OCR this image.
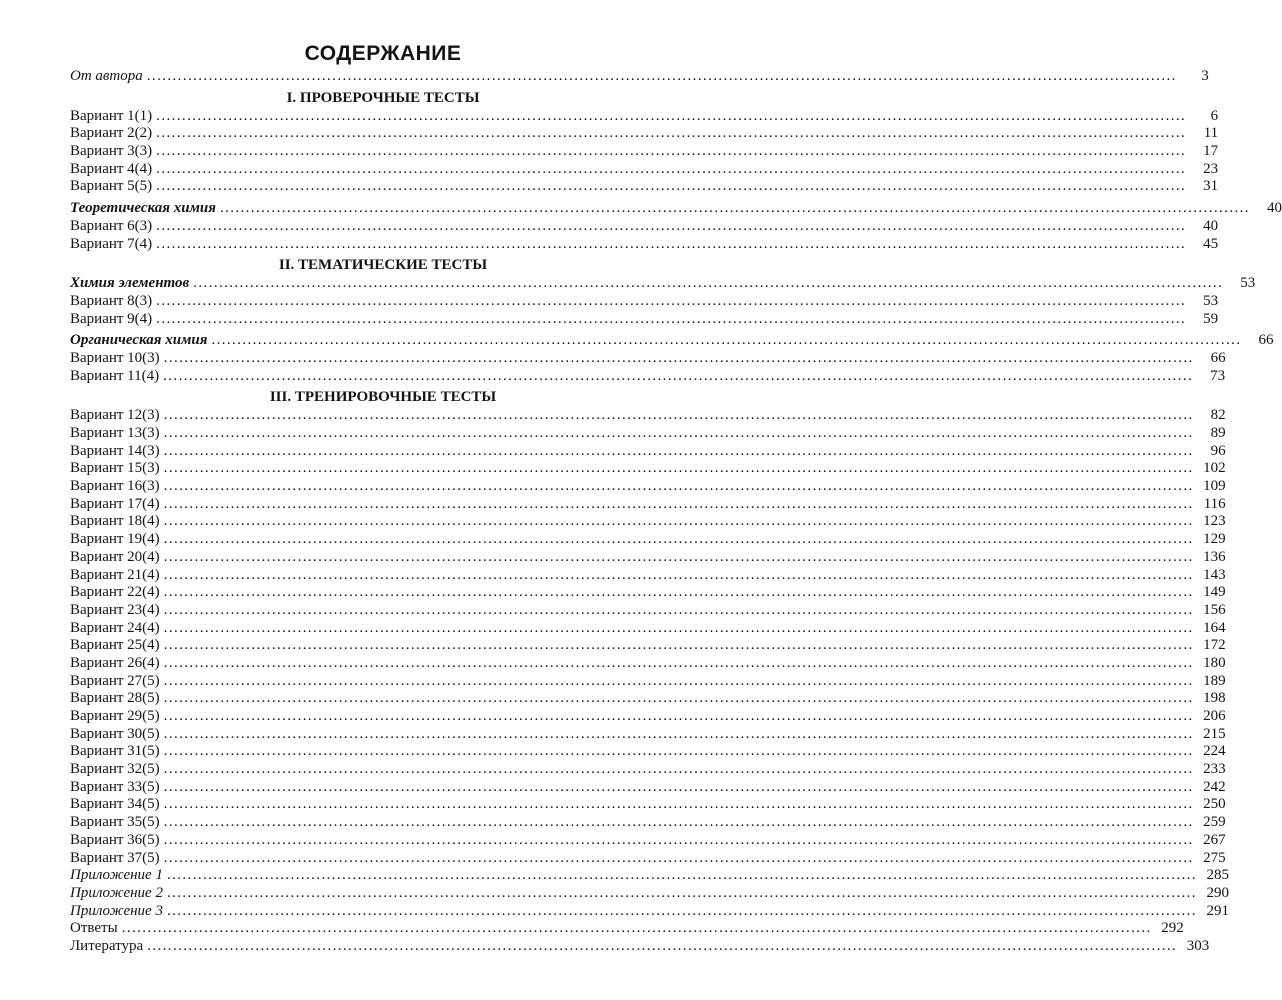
СОДЕРЖАНИЕ
От автора ........................................................................................................................................................................................................	3
I. ПРОВЕРОЧНЫЕ ТЕСТЫ
Вариант 1(1) ........................................................................................................................................................................................................	6
Вариант 2(2) ........................................................................................................................................................................................................	11
Вариант 3(3) ........................................................................................................................................................................................................	17
Вариант 4(4) ........................................................................................................................................................................................................	23
Вариант 5(5) ........................................................................................................................................................................................................	31
Теоретическая химия ........................................................................................................................................................................................................	40
Вариант 6(3) ........................................................................................................................................................................................................	40
Вариант 7(4) ........................................................................................................................................................................................................	45
II. ТЕМАТИЧЕСКИЕ ТЕСТЫ
Химия элементов ........................................................................................................................................................................................................	53
Вариант 8(3) ........................................................................................................................................................................................................	53
Вариант 9(4) ........................................................................................................................................................................................................	59
Органическая химия ........................................................................................................................................................................................................	66
Вариант 10(3) ........................................................................................................................................................................................................	66
Вариант 11(4) ........................................................................................................................................................................................................	73
III. ТРЕНИРОВОЧНЫЕ ТЕСТЫ
Вариант 12(3) ........................................................................................................................................................................................................	82
Вариант 13(3) ........................................................................................................................................................................................................	89
Вариант 14(3) ........................................................................................................................................................................................................	96
Вариант 15(3) ........................................................................................................................................................................................................ 102
Вариант 16(3) ........................................................................................................................................................................................................ 109
Вариант 17(4) ........................................................................................................................................................................................................ 116
Вариант 18(4) ........................................................................................................................................................................................................ 123
Вариант 19(4) ........................................................................................................................................................................................................ 129
Вариант 20(4) ........................................................................................................................................................................................................ 136
Вариант 21(4) ........................................................................................................................................................................................................ 143
Вариант 22(4) ........................................................................................................................................................................................................ 149
Вариант 23(4) ........................................................................................................................................................................................................ 156
Вариант 24(4) ........................................................................................................................................................................................................ 164
Вариант 25(4) ........................................................................................................................................................................................................ 172
Вариант 26(4) ........................................................................................................................................................................................................ 180
Вариант 27(5) ........................................................................................................................................................................................................ 189
Вариант 28(5) ........................................................................................................................................................................................................ 198
Вариант 29(5) ........................................................................................................................................................................................................ 206
Вариант 30(5) ........................................................................................................................................................................................................ 215
Вариант 31(5) ........................................................................................................................................................................................................ 224
Вариант 32(5) ........................................................................................................................................................................................................ 233
Вариант 33(5) ........................................................................................................................................................................................................ 242
Вариант 34(5) ........................................................................................................................................................................................................ 250
Вариант 35(5) ........................................................................................................................................................................................................ 259
Вариант 36(5) ........................................................................................................................................................................................................ 267
Вариант 37(5) ........................................................................................................................................................................................................ 275
Приложение 1 ........................................................................................................................................................................................................ 285
Приложение 2 ........................................................................................................................................................................................................ 290
Приложение 3 ........................................................................................................................................................................................................ 291
Ответы ........................................................................................................................................................................................................ 292
Литература ........................................................................................................................................................................................................ 303
